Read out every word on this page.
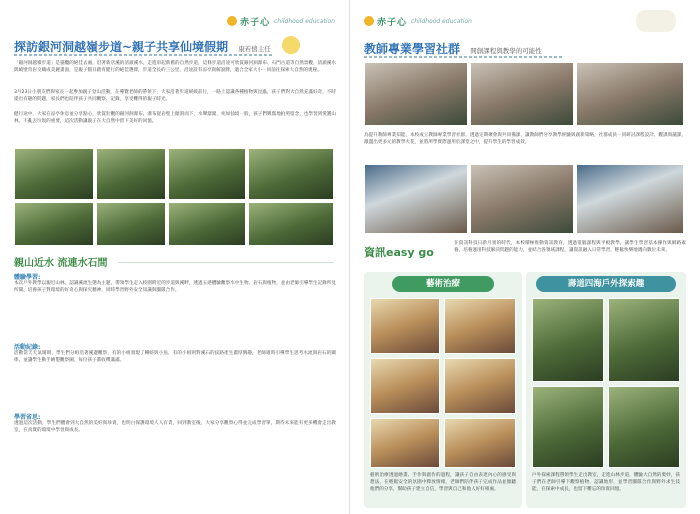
赤子心 childhood education
探訪銀河洞越嶺步道~親子共享仙境假期 康若僖主任
「銀河洞越嶺步道」是貓纜的絕佳去處，沿著新店溪的清澈溪水，走進串起新舊的自然步道，這條步道沿途可欣賞銀河洞瀑布、石門古道等自然景觀，清澈溪水與峭壁奇岩交織成美麗畫面，是親子假日踏青健行的絕佳選擇，步道全長約三公里，沿途設有涼亭與解說牌，適合全家大小一同前往探索大自然的奧秘。
3月23日小朋友們與家長一起參加親子登山活動，在導覽老師的帶領下，大家沿著步道緩緩前行，一路上認識各種植物與昆蟲，孩子們對大自然充滿好奇，不時提出有趣的問題，家長們也陪伴孩子共同觀察、記錄，享受難得的親子時光。
健行途中，大家在涼亭休息並分享點心，欣賞壯觀的銀河洞瀑布，瀑布從岩壁上傾瀉而下，水聲潺潺，宛如仙境一般，孩子們興奮地拍照留念，也學習到愛護山林、不亂丟垃圾的重要，這次活動讓親子在大自然中留下美好的回憶。
親山近水 流連水石間
體驗學習:
本次戶外教學以親近山林、認識溪流生態為主題，帶領學生走入校園附近的步道與溪畔，透過五感體驗觀察水中生物、岩石與植物，並由老師引導學生記錄所見所聞，培養孩子對環境的好奇心與探究精神，同時學習野外安全知識與團隊合作。
活動紀錄:
活動當天天氣晴朗，學生們分組沿著溪邊觀察，有的小組發現了蝌蚪與小魚，有的小組則對溪石的紋路產生濃厚興趣，老師適時引導學生思考水流與岩石的關係，並讓學生動手繪製觀察圖，每位孩子都收穫滿滿。
學習省思:
透過這次活動，學生們體會到大自然的美好與珍貴，也明白保護環境人人有責，回到教室後，大家分享觀察心得並完成學習單，期待未來能有更多機會走出教室，在真實的環境中學習與成長。
赤子心 childhood education
教師專業學習社群 開創課程與教學的可能性
為提升教師專業知能，本校成立教師專業學習社群，透過定期聚會與共同備課，讓教師們分享教學經驗與創新策略，社群成員一同研討課程設計、觀課與議課，激盪出更多元的教學火花，並將所學實際運用於課堂之中，提升學生的學習成效。
資訊easy go
在資訊科技日新月異的時代，本校積極推動資訊教育，透過電腦課程與平板教學，讓學生學習基本操作與網路素養，培養運用科技解決問題的能力，並結合各領域課程，讓資訊融入日常學習，輕鬆快樂地邁向數位未來。
藝術治療
藝術治療透過繪畫、手作與創作的過程，讓孩子自由表達內心的感受與想法，在輕鬆安全的氛圍中釋放情緒，老師們陪伴孩子完成作品並傾聽他們的分享，幫助孩子建立自信，學習與自己和他人好好相處。
壽道四海戶外探索趣
戶外探索課程帶領學生走出教室，走進山林步道，體驗大自然的奧妙，孩子們在老師引導下觀察植物、認識地形，並學習團隊合作與野外求生技能，在探索中成長，也留下難忘的珍貴回憶。
